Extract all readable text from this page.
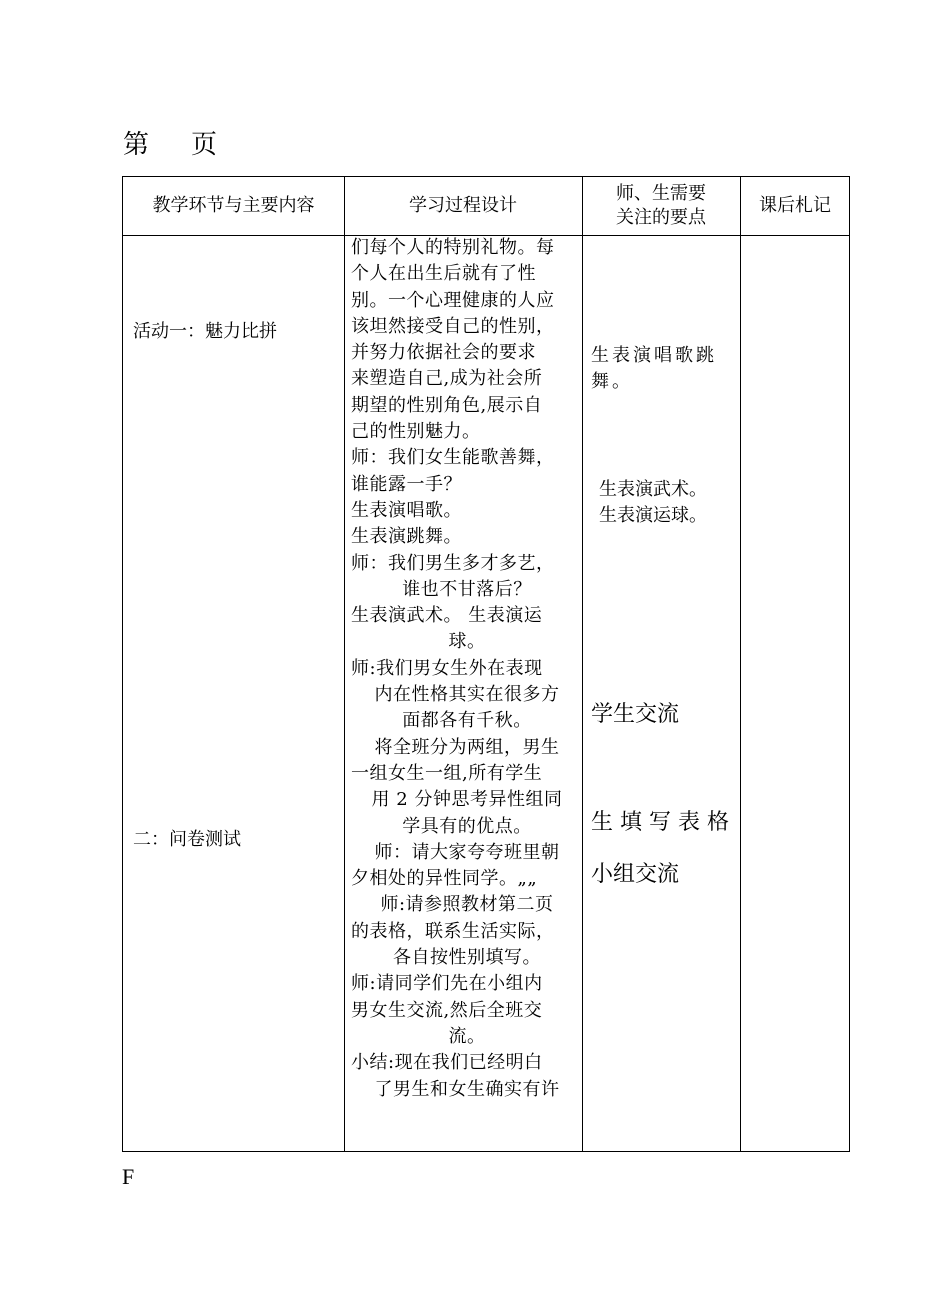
第 页
教学环节与主要内容	学习过程设计
师、生需要
关注的要点
课后札记
活动一：魅力比拼
二：问卷测试
们每个人的特别礼物。每
个人在出生后就有了性
别。一个心理健康的人应
该坦然接受自己的性别，
并努力依据社会的要求
来塑造自己,成为社会所
期望的性别角色,展示自
己的性别魅力。
师：我们女生能歌善舞，
谁能露一手？
生表演唱歌。
生表演跳舞。
师：我们男生多才多艺，
谁也不甘落后？
生表演武术。 生表演运
球。
师:我们男女生外在表现
内在性格其实在很多方
面都各有千秋。
将全班分为两组，男生
一组女生一组,所有学生
用 2 分钟思考异性组同
学具有的优点。
师：请大家夸夸班里朝
夕相处的异性同学。„„
师:请参照教材第二页
的表格，联系生活实际，
各自按性别填写。
师:请同学们先在小组内
男女生交流,然后全班交
流。
小结:现在我们已经明白
了男生和女生确实有许
生表演唱歌跳
舞。
生表演武术。
生表演运球。
学生交流
生 填 写 表 格
小组交流
F
